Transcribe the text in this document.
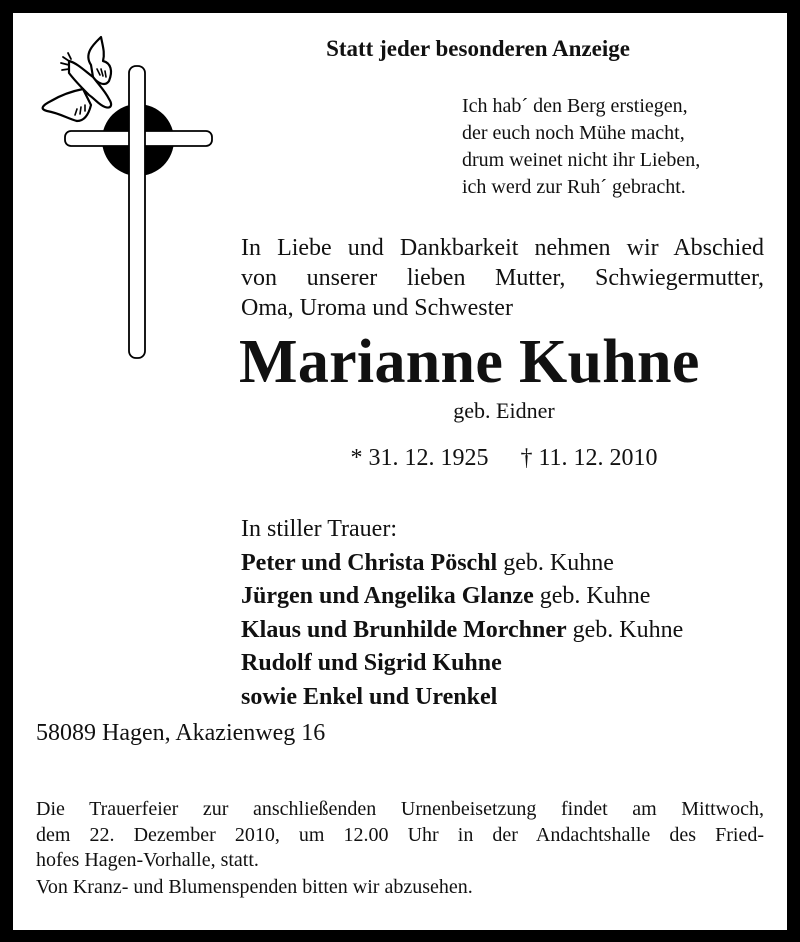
Statt jeder besonderen Anzeige
Ich hab´ den Berg erstiegen,
der euch noch Mühe macht,
drum weinet nicht ihr Lieben,
ich werd zur Ruh´ gebracht.
In Liebe und Dankbarkeit nehmen wir Abschied
von unserer lieben Mutter, Schwiegermutter,
Oma, Uroma und Schwester
Marianne Kuhne
geb. Eidner
* 31. 12. 1925 † 11. 12. 2010
In stiller Trauer:
Peter und Christa Pöschl geb. Kuhne
Jürgen und Angelika Glanze geb. Kuhne
Klaus und Brunhilde Morchner geb. Kuhne
Rudolf und Sigrid Kuhne
sowie Enkel und Urenkel
58089 Hagen, Akazienweg 16
Die Trauerfeier zur anschließenden Urnenbeisetzung findet am Mittwoch,
dem 22. Dezember 2010, um 12.00 Uhr in der Andachtshalle des Fried-
hofes Hagen-Vorhalle, statt.
Von Kranz- und Blumenspenden bitten wir abzusehen.
